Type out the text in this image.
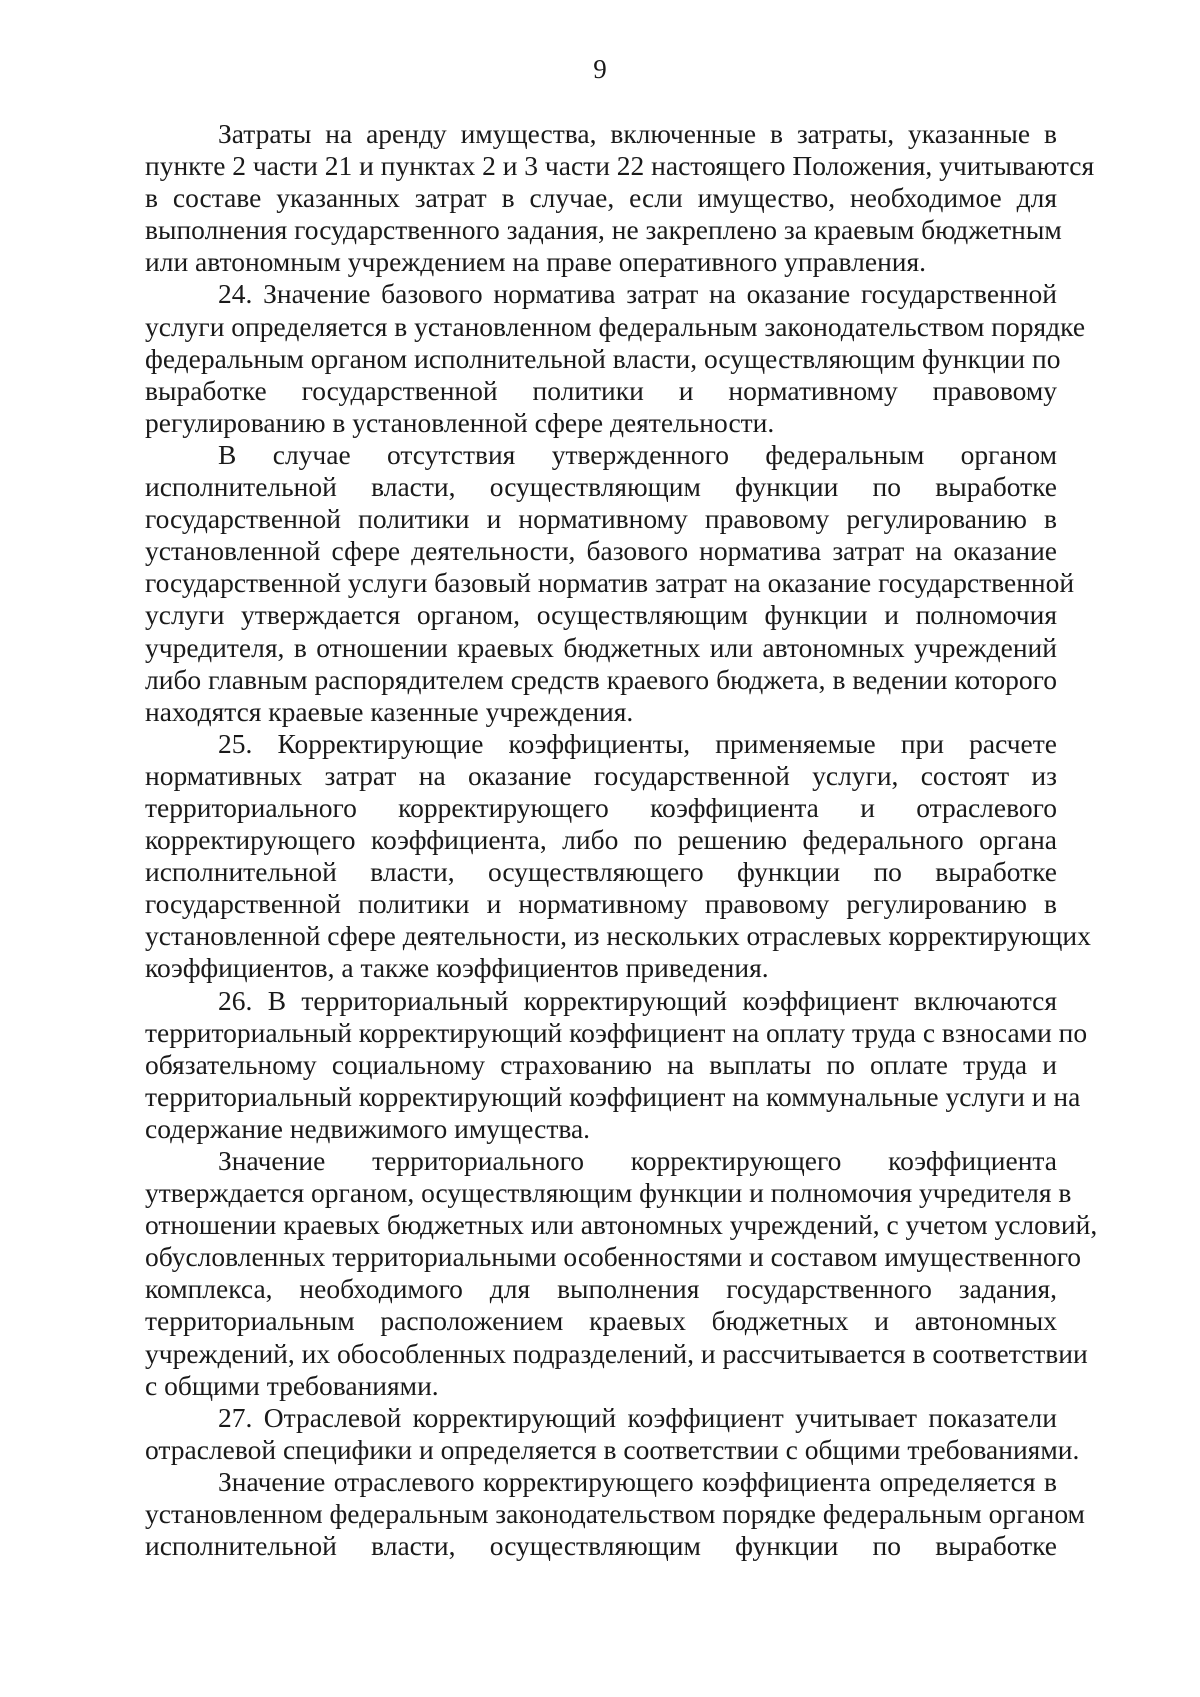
9
Затраты на аренду имущества, включенные в затраты, указанные в
пункте 2 части 21 и пунктах 2 и 3 части 22 настоящего Положения, учитываются
в составе указанных затрат в случае, если имущество, необходимое для
выполнения государственного задания, не закреплено за краевым бюджетным
или автономным учреждением на праве оперативного управления.
24. Значение базового норматива затрат на оказание государственной
услуги определяется в установленном федеральным законодательством порядке
федеральным органом исполнительной власти, осуществляющим функции по
выработке государственной политики и нормативному правовому
регулированию в установленной сфере деятельности.
В случае отсутствия утвержденного федеральным органом
исполнительной власти, осуществляющим функции по выработке
государственной политики и нормативному правовому регулированию в
установленной сфере деятельности, базового норматива затрат на оказание
государственной услуги базовый норматив затрат на оказание государственной
услуги утверждается органом, осуществляющим функции и полномочия
учредителя, в отношении краевых бюджетных или автономных учреждений
либо главным распорядителем средств краевого бюджета, в ведении которого
находятся краевые казенные учреждения.
25. Корректирующие коэффициенты, применяемые при расчете
нормативных затрат на оказание государственной услуги, состоят из
территориального корректирующего коэффициента и отраслевого
корректирующего коэффициента, либо по решению федерального органа
исполнительной власти, осуществляющего функции по выработке
государственной политики и нормативному правовому регулированию в
установленной сфере деятельности, из нескольких отраслевых корректирующих
коэффициентов, а также коэффициентов приведения.
26. В территориальный корректирующий коэффициент включаются
территориальный корректирующий коэффициент на оплату труда с взносами по
обязательному социальному страхованию на выплаты по оплате труда и
территориальный корректирующий коэффициент на коммунальные услуги и на
содержание недвижимого имущества.
Значение территориального корректирующего коэффициента
утверждается органом, осуществляющим функции и полномочия учредителя в
отношении краевых бюджетных или автономных учреждений, с учетом условий,
обусловленных территориальными особенностями и составом имущественного
комплекса, необходимого для выполнения государственного задания,
территориальным расположением краевых бюджетных и автономных
учреждений, их обособленных подразделений, и рассчитывается в соответствии
с общими требованиями.
27. Отраслевой корректирующий коэффициент учитывает показатели
отраслевой специфики и определяется в соответствии с общими требованиями.
Значение отраслевого корректирующего коэффициента определяется в
установленном федеральным законодательством порядке федеральным органом
исполнительной власти, осуществляющим функции по выработке
